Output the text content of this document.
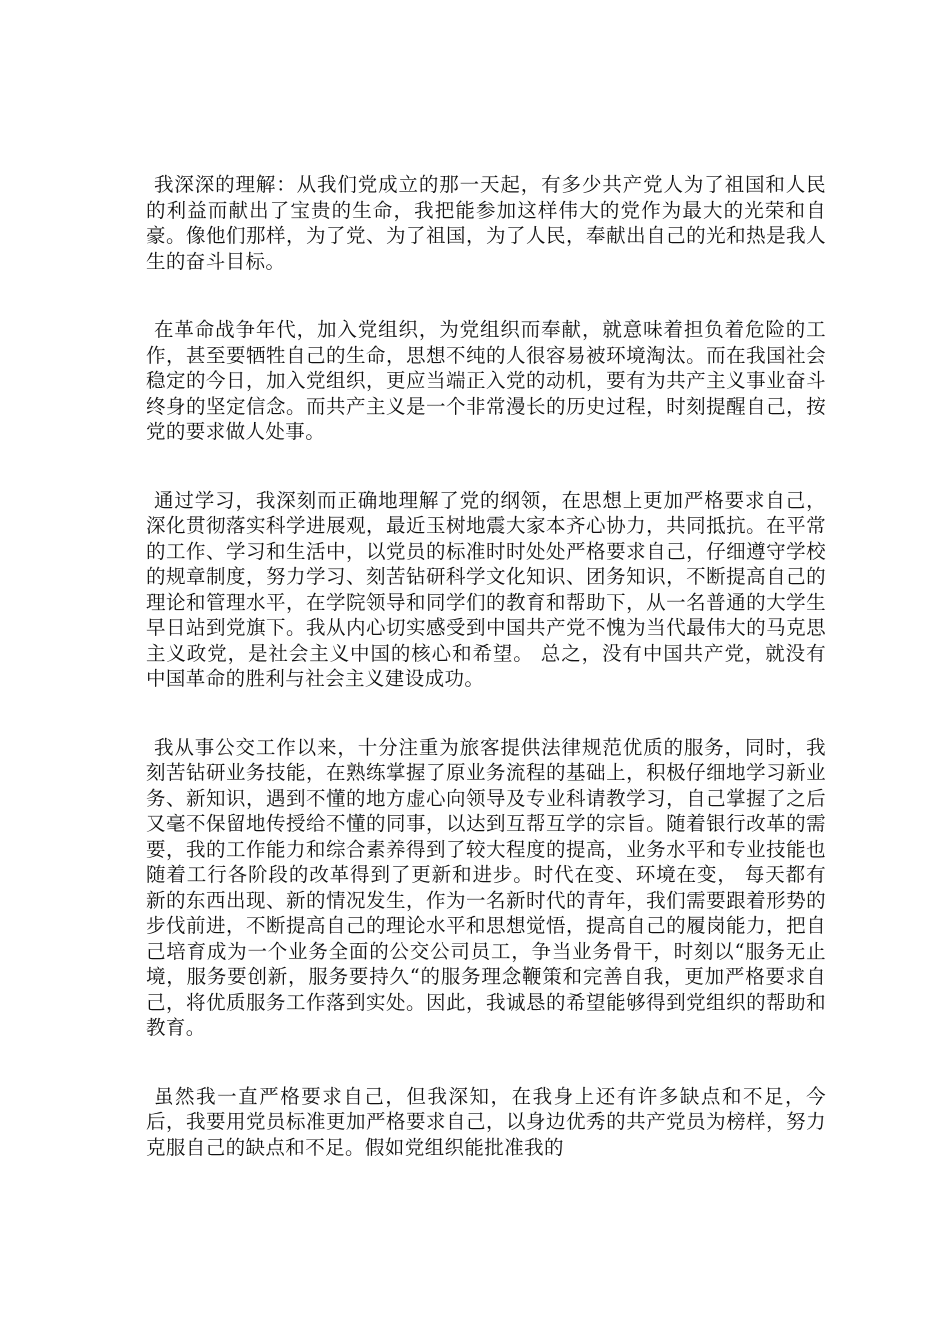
我深深的理解：从我们党成立的那一天起，有多少共产党人为了祖国和人民的利益而献出了宝贵的生命，我把能参加这样伟大的党作为最大的光荣和自豪。像他们那样，为了党、为了祖国，为了人民，奉献出自己的光和热是我人生的奋斗目标。

在革命战争年代，加入党组织，为党组织而奉献，就意味着担负着危险的工作，甚至要牺牲自己的生命，思想不纯的人很容易被环境淘汰。而在我国社会稳定的今日，加入党组织，更应当端正入党的动机，要有为共产主义事业奋斗终身的坚定信念。而共产主义是一个非常漫长的历史过程，时刻提醒自己，按党的要求做人处事。

通过学习，我深刻而正确地理解了党的纲领，在思想上更加严格要求自己，深化贯彻落实科学进展观，最近玉树地震大家本齐心协力，共同抵抗。在平常的工作、学习和生活中，以党员的标准时时处处严格要求自己，仔细遵守学校的规章制度，努力学习、刻苦钻研科学文化知识、团务知识，不断提高自己的理论和管理水平，在学院领导和同学们的教育和帮助下，从一名普通的大学生早日站到党旗下。我从内心切实感受到中国共产党不愧为当代最伟大的马克思主义政党，是社会主义中国的核心和希望。 总之，没有中国共产党，就没有中国革命的胜利与社会主义建设成功。

我从事公交工作以来，十分注重为旅客提供法律规范优质的服务，同时，我刻苦钻研业务技能，在熟练掌握了原业务流程的基础上，积极仔细地学习新业务、新知识，遇到不懂的地方虚心向领导及专业科请教学习，自己掌握了之后又毫不保留地传授给不懂的同事，以达到互帮互学的宗旨。随着银行改革的需要，我的工作能力和综合素养得到了较大程度的提高，业务水平和专业技能也随着工行各阶段的改革得到了更新和进步。时代在变、环境在变， 每天都有新的东西出现、新的情况发生，作为一名新时代的青年，我们需要跟着形势的步伐前进，不断提高自己的理论水平和思想觉悟，提高自己的履岗能力，把自己培育成为一个业务全面的公交公司员工，争当业务骨干，时刻以“服务无止境，服务要创新，服务要持久“的服务理念鞭策和完善自我，更加严格要求自己，将优质服务工作落到实处。因此，我诚恳的希望能够得到党组织的帮助和教育。

虽然我一直严格要求自己，但我深知，在我身上还有许多缺点和不足，今后，我要用党员标准更加严格要求自己，以身边优秀的共产党员为榜样，努力克服自己的缺点和不足。假如党组织能批准我的
